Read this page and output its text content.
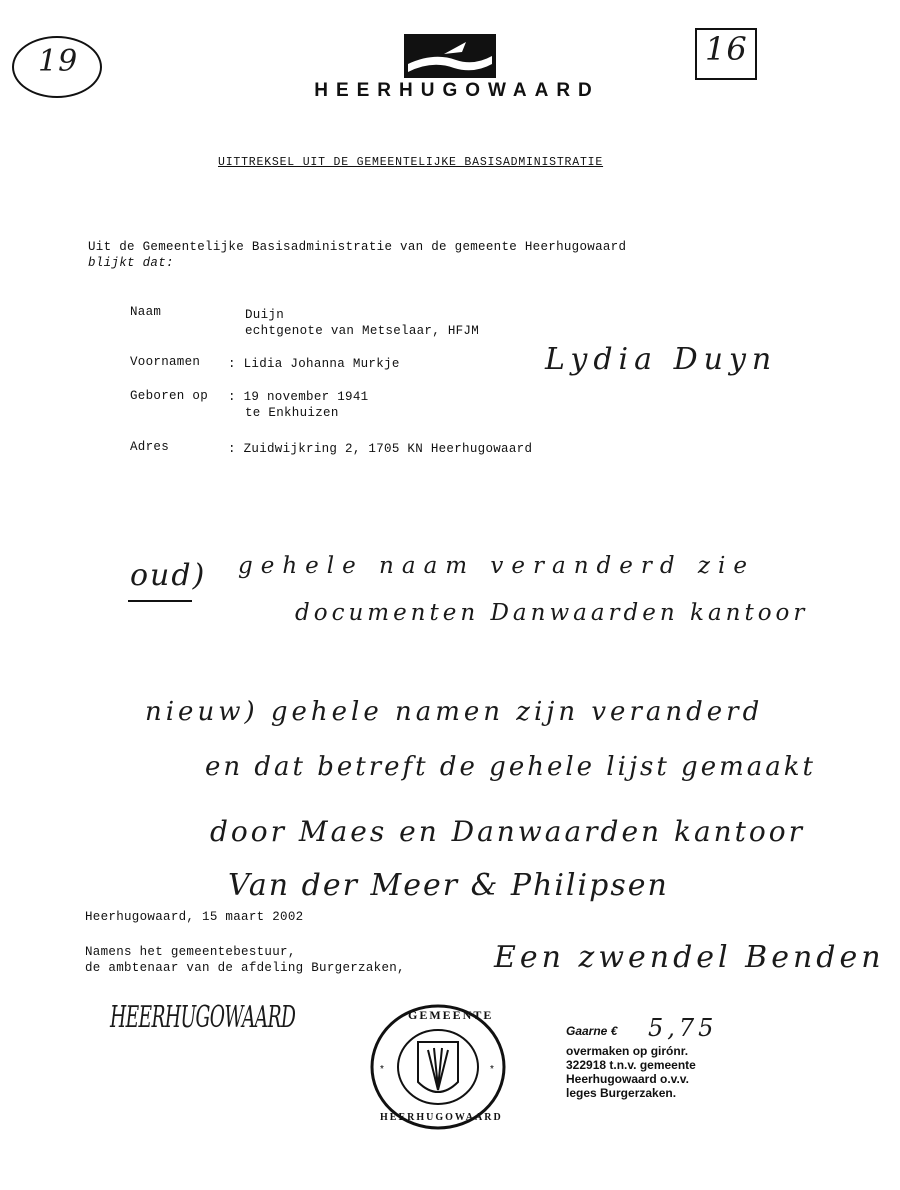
19	16
HEERHUGOWAARD
UITTREKSEL UIT DE GEMEENTELIJKE BASISADMINISTRATIE
Uit de Gemeentelijke Basisadministratie van de gemeente Heerhugowaard
blijkt dat:
Naam	Duijn
echtgenote van Metselaar, HFJM
Voornamen	: Lidia Johanna Murkje
Geboren op	: 19 november 1941
te Enkhuizen
Adres	: Zuidwijkring 2, 1705 KN Heerhugowaard
Lydia Duyn
oud) gehele naam veranderd zie
documenten Danwaarden kantoor
nieuw) gehele namen zijn veranderd
en dat betreft de gehele lijst gemaakt
door Maes en Danwaarden kantoor
Van der Meer & Philipsen
Heerhugowaard, 15 maart 2002
Namens het gemeentebestuur,
de ambtenaar van de afdeling Burgerzaken,	Een zwendel Benden
HEERHUGOWAARD
*	*
GEMEENTE
HEERHUGOWAARD
Gaarne € 5,75
overmaken op girónr.
322918 t.n.v. gemeente
Heerhugowaard o.v.v.
leges Burgerzaken.
